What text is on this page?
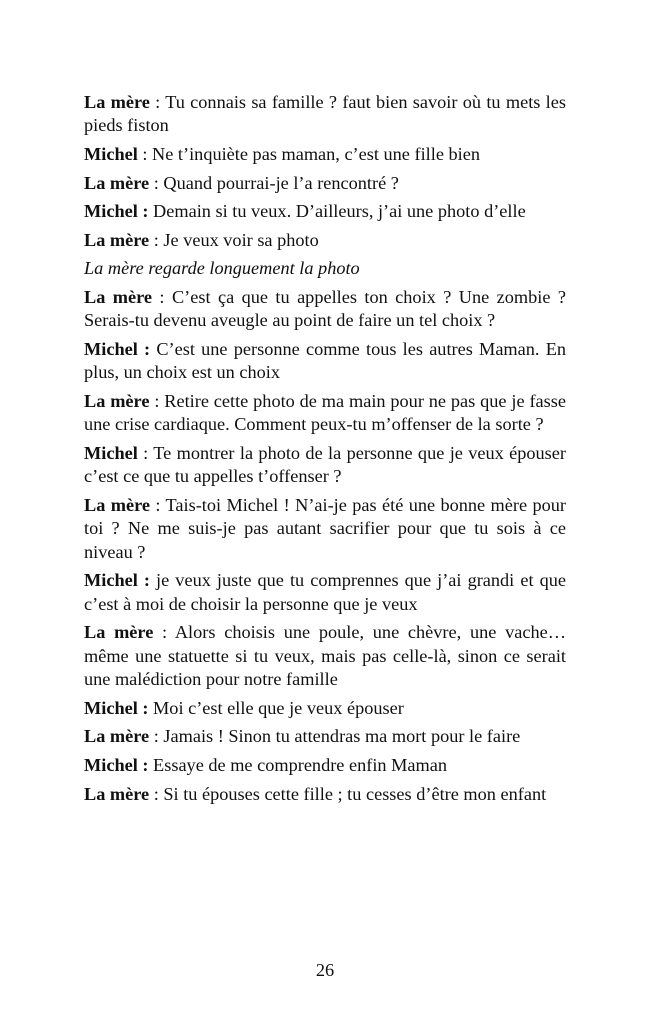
La mère : Tu connais sa famille ? faut bien savoir où tu mets les pieds fiston

Michel : Ne t’inquiète pas maman, c’est une fille bien

La mère : Quand pourrai-je l’a rencontré ?

Michel : Demain si tu veux. D’ailleurs, j’ai une photo d’elle

La mère : Je veux voir sa photo

La mère regarde longuement la photo

La mère : C’est ça que tu appelles ton choix ? Une zombie ? Serais-tu devenu aveugle au point de faire un tel choix ?

Michel : C’est une personne comme tous les autres Maman. En plus, un choix est un choix

La mère : Retire cette photo de ma main pour ne pas que je fasse une crise cardiaque. Comment peux-tu m’offenser de la sorte ?

Michel : Te montrer la photo de la personne que je veux épouser c’est ce que tu appelles t’offenser ?

La mère : Tais-toi Michel ! N’ai-je pas été une bonne mère pour toi ? Ne me suis-je pas autant sacrifier pour que tu sois à ce niveau ?

Michel : je veux juste que tu comprennes que j’ai grandi et que c’est à moi de choisir la personne que je veux

La mère : Alors choisis une poule, une chèvre, une vache… même une statuette si tu veux, mais pas celle-là, sinon ce serait une malédiction pour notre famille

Michel : Moi c’est elle que je veux épouser

La mère : Jamais ! Sinon tu attendras ma mort pour le faire

Michel : Essaye de me comprendre enfin Maman

La mère : Si tu épouses cette fille ; tu cesses d’être mon enfant

26
